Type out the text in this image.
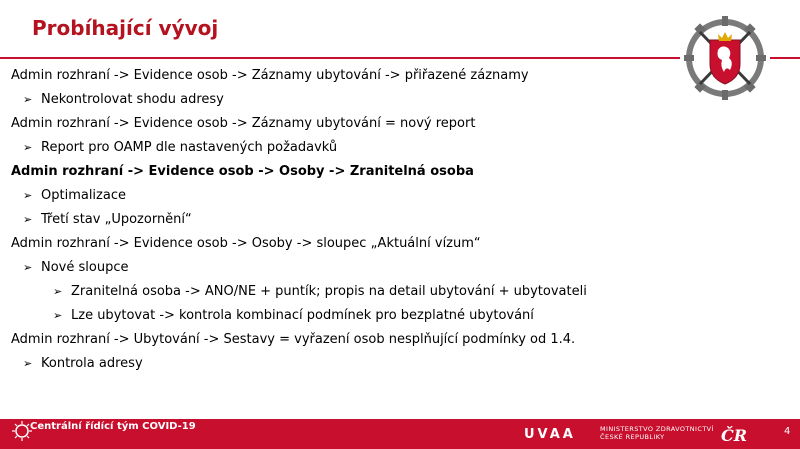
Probíhající vývoj
Admin rozhraní -> Evidence osob -> Záznamy ubytování -> přiřazené záznamy
➢ Nekontrolovat shodu adresy
Admin rozhraní -> Evidence osob -> Záznamy ubytování = nový report
➢ Report pro OAMP dle nastavených požadavků
Admin rozhraní -> Evidence osob -> Osoby -> Zranitelná osoba
➢ Optimalizace
➢ Třetí stav „Upozornění“
Admin rozhraní -> Evidence osob -> Osoby -> sloupec „Aktuální vízum“
➢ Nové sloupce
➢ Zranitelná osoba -> ANO/NE + puntík; propis na detail ubytování + ubytovateli
➢ Lze ubytovat -> kontrola kombinací podmínek pro bezplatné ubytování
Admin rozhraní -> Ubytování -> Sestavy = vyřazení osob nesplňující podmínky od 1.4.
➢ Kontrola adresy
Centrální řídící tým COVID-19
UVAA	MINISTERSTVO ZDRAVOTNICTVÍ
ČESKÉ REPUBLIKY	ČR	4
